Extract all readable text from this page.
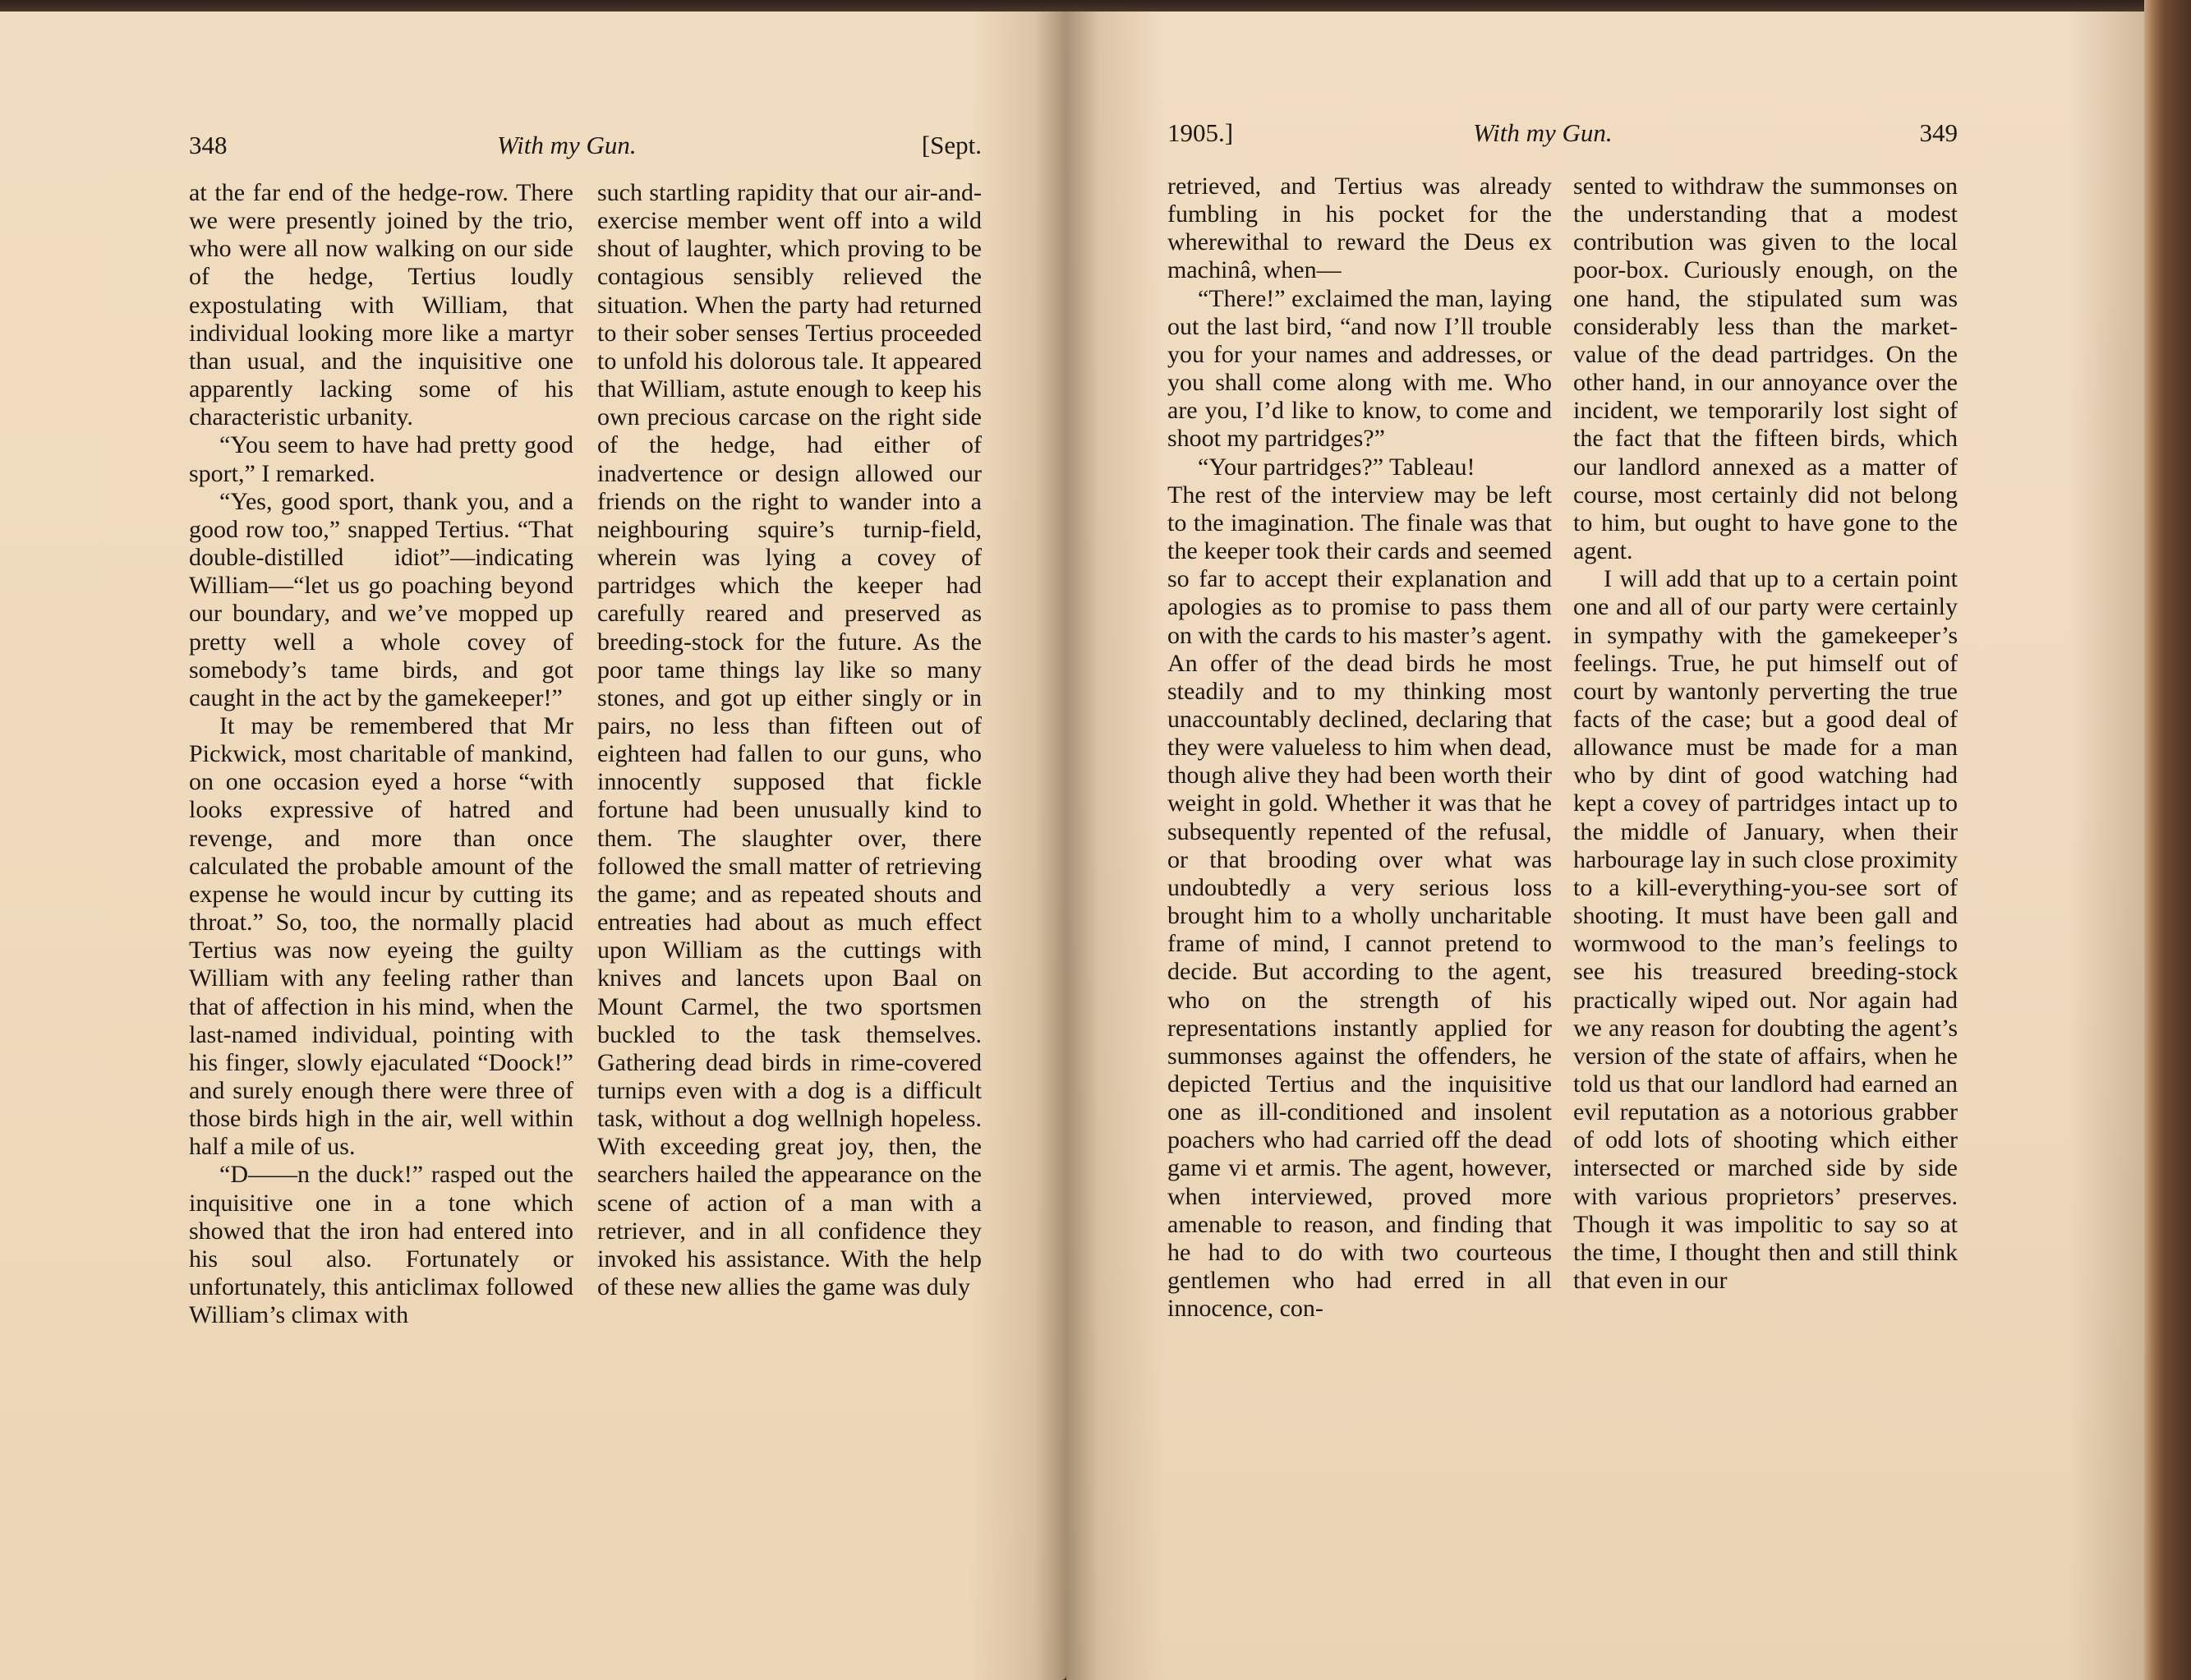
348	With my Gun.	[Sept.

at the far end of the hedge-row. There we were presently joined by the trio, who were all now walking on our side of the hedge, Tertius loudly expostulating with William, that individual looking more like a martyr than usual, and the inquisitive one apparently lacking some of his characteristic urbanity.

“You seem to have had pretty good sport,” I remarked.

“Yes, good sport, thank you, and a good row too,” snapped Tertius. “That double-distilled idiot”—indicating William—“let us go poaching beyond our boundary, and we’ve mopped up pretty well a whole covey of somebody’s tame birds, and got caught in the act by the gamekeeper!”

It may be remembered that Mr Pickwick, most charitable of mankind, on one occasion eyed a horse “with looks expressive of hatred and revenge, and more than once calculated the probable amount of the expense he would incur by cutting its throat.” So, too, the normally placid Tertius was now eyeing the guilty William with any feeling rather than that of affection in his mind, when the last-named individual, pointing with his finger, slowly ejaculated “Doock!” and surely enough there were three of those birds high in the air, well within half a mile of us.

“D——n the duck!” rasped out the inquisitive one in a tone which showed that the iron had entered into his soul also. Fortunately or unfortunately, this anticlimax followed William’s climax with

such startling rapidity that our air-and-exercise member went off into a wild shout of laughter, which proving to be contagious sensibly relieved the situation. When the party had returned to their sober senses Tertius proceeded to unfold his dolorous tale. It appeared that William, astute enough to keep his own precious carcase on the right side of the hedge, had either of inadvertence or design allowed our friends on the right to wander into a neighbouring squire’s turnip-field, wherein was lying a covey of partridges which the keeper had carefully reared and preserved as breeding-stock for the future. As the poor tame things lay like so many stones, and got up either singly or in pairs, no less than fifteen out of eighteen had fallen to our guns, who innocently supposed that fickle fortune had been unusually kind to them. The slaughter over, there followed the small matter of retrieving the game; and as repeated shouts and entreaties had about as much effect upon William as the cuttings with knives and lancets upon Baal on Mount Carmel, the two sportsmen buckled to the task themselves. Gathering dead birds in rime-covered turnips even with a dog is a difficult task, without a dog wellnigh hopeless. With exceeding great joy, then, the searchers hailed the appearance on the scene of action of a man with a retriever, and in all confidence they invoked his assistance. With the help of these new allies the game was duly

1905.]	With my Gun.	349

retrieved, and Tertius was already fumbling in his pocket for the wherewithal to reward the Deus ex machinâ, when—

“There!” exclaimed the man, laying out the last bird, “and now I’ll trouble you for your names and addresses, or you shall come along with me. Who are you, I’d like to know, to come and shoot my partridges?”

“Your partridges?” Tableau!

The rest of the interview may be left to the imagination. The finale was that the keeper took their cards and seemed so far to accept their explanation and apologies as to promise to pass them on with the cards to his master’s agent. An offer of the dead birds he most steadily and to my thinking most unaccountably declined, declaring that they were valueless to him when dead, though alive they had been worth their weight in gold. Whether it was that he subsequently repented of the refusal, or that brooding over what was undoubtedly a very serious loss brought him to a wholly uncharitable frame of mind, I cannot pretend to decide. But according to the agent, who on the strength of his representations instantly applied for summonses against the offenders, he depicted Tertius and the inquisitive one as ill-conditioned and insolent poachers who had carried off the dead game vi et armis. The agent, however, when interviewed, proved more amenable to reason, and finding that he had to do with two courteous gentlemen who had erred in all innocence, con-

sented to withdraw the summonses on the understanding that a modest contribution was given to the local poor-box. Curiously enough, on the one hand, the stipulated sum was considerably less than the market-value of the dead partridges. On the other hand, in our annoyance over the incident, we temporarily lost sight of the fact that the fifteen birds, which our landlord annexed as a matter of course, most certainly did not belong to him, but ought to have gone to the agent.

I will add that up to a certain point one and all of our party were certainly in sympathy with the gamekeeper’s feelings. True, he put himself out of court by wantonly perverting the true facts of the case; but a good deal of allowance must be made for a man who by dint of good watching had kept a covey of partridges intact up to the middle of January, when their harbourage lay in such close proximity to a kill-everything-you-see sort of shooting. It must have been gall and wormwood to the man’s feelings to see his treasured breeding-stock practically wiped out. Nor again had we any reason for doubting the agent’s version of the state of affairs, when he told us that our landlord had earned an evil reputation as a notorious grabber of odd lots of shooting which either intersected or marched side by side with various proprietors’ preserves. Though it was impolitic to say so at the time, I thought then and still think that even in our
